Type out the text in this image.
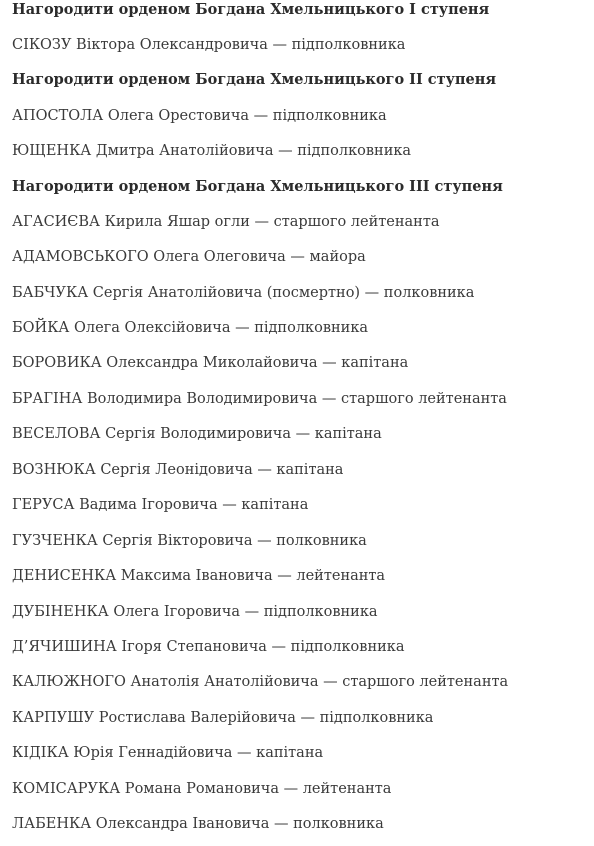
Нагородити орденом Богдана Хмельницького І ступеня
СІКОЗУ Віктора Олександровича — підполковника
Нагородити орденом Богдана Хмельницького ІІ ступеня
АПОСТОЛА Олега Орестовича — підполковника
ЮЩЕНКА Дмитра Анатолійовича — підполковника
Нагородити орденом Богдана Хмельницького ІІІ ступеня
АГАСИЄВА Кирила Яшар огли — старшого лейтенанта
АДАМОВСЬКОГО Олега Олеговича — майора
БАБЧУКА Сергія Анатолійовича (посмертно) — полковника
БОЙКА Олега Олексійовича — підполковника
БОРОВИКА Олександра Миколайовича — капітана
БРАГІНА Володимира Володимировича — старшого лейтенанта
ВЕСЕЛОВА Сергія Володимировича — капітана
ВОЗНЮКА Сергія Леонідовича — капітана
ГЕРУСА Вадима Ігоровича — капітана
ГУЗЧЕНКА Сергія Вікторовича — полковника
ДЕНИСЕНКА Максима Івановича — лейтенанта
ДУБІНЕНКА Олега Ігоровича — підполковника
Д’ЯЧИШИНА Ігоря Степановича — підполковника
КАЛЮЖНОГО Анатолія Анатолійовича — старшого лейтенанта
КАРПУШУ Ростислава Валерійовича — підполковника
КІДІКА Юрія Геннадійовича — капітана
КОМІСАРУКА Романа Романовича — лейтенанта
ЛАБЕНКА Олександра Івановича — полковника
